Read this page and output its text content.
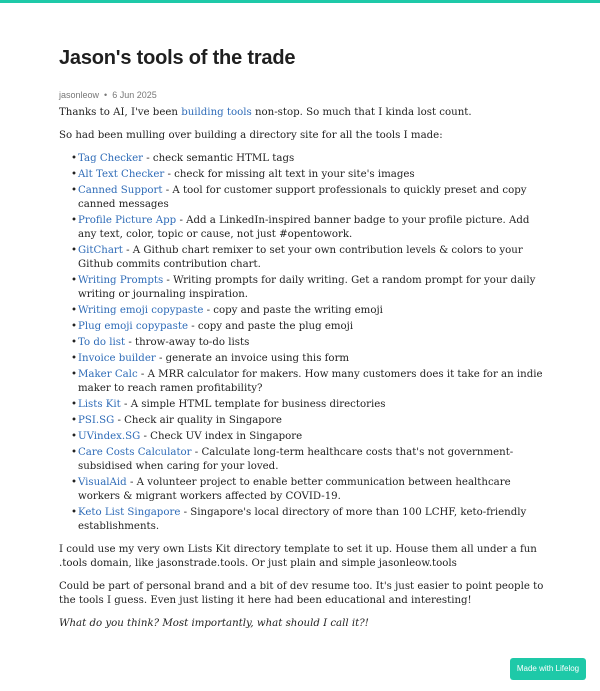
Jason's tools of the trade
jasonleow • 6 Jun 2025

Thanks to AI, I've been building tools non-stop. So much that I kinda lost count.

So had been mulling over building a directory site for all the tools I made:

• Tag Checker - check semantic HTML tags
• Alt Text Checker - check for missing alt text in your site's images
• Canned Support - A tool for customer support professionals to quickly preset and copy canned messages
• Profile Picture App - Add a LinkedIn-inspired banner badge to your profile picture. Add any text, color, topic or cause, not just #opentowork.
• GitChart - A Github chart remixer to set your own contribution levels & colors to your Github commits contribution chart.
• Writing Prompts - Writing prompts for daily writing. Get a random prompt for your daily writing or journaling inspiration.
• Writing emoji copypaste - copy and paste the writing emoji
• Plug emoji copypaste - copy and paste the plug emoji
• To do list - throw-away to-do lists
• Invoice builder - generate an invoice using this form
• Maker Calc - A MRR calculator for makers. How many customers does it take for an indie maker to reach ramen profitability?
• Lists Kit - A simple HTML template for business directories
• PSI.SG - Check air quality in Singapore
• UVindex.SG - Check UV index in Singapore
• Care Costs Calculator - Calculate long-term healthcare costs that's not government-subsidised when caring for your loved.
• VisualAid - A volunteer project to enable better communication between healthcare workers & migrant workers affected by COVID-19.
• Keto List Singapore - Singapore's local directory of more than 100 LCHF, keto-friendly establishments.

I could use my very own Lists Kit directory template to set it up. House them all under a fun .tools domain, like jasonstrade.tools. Or just plain and simple jasonleow.tools

Could be part of personal brand and a bit of dev resume too. It's just easier to point people to the tools I guess. Even just listing it here had been educational and interesting!

What do you think? Most importantly, what should I call it?!

Made with Lifelog
